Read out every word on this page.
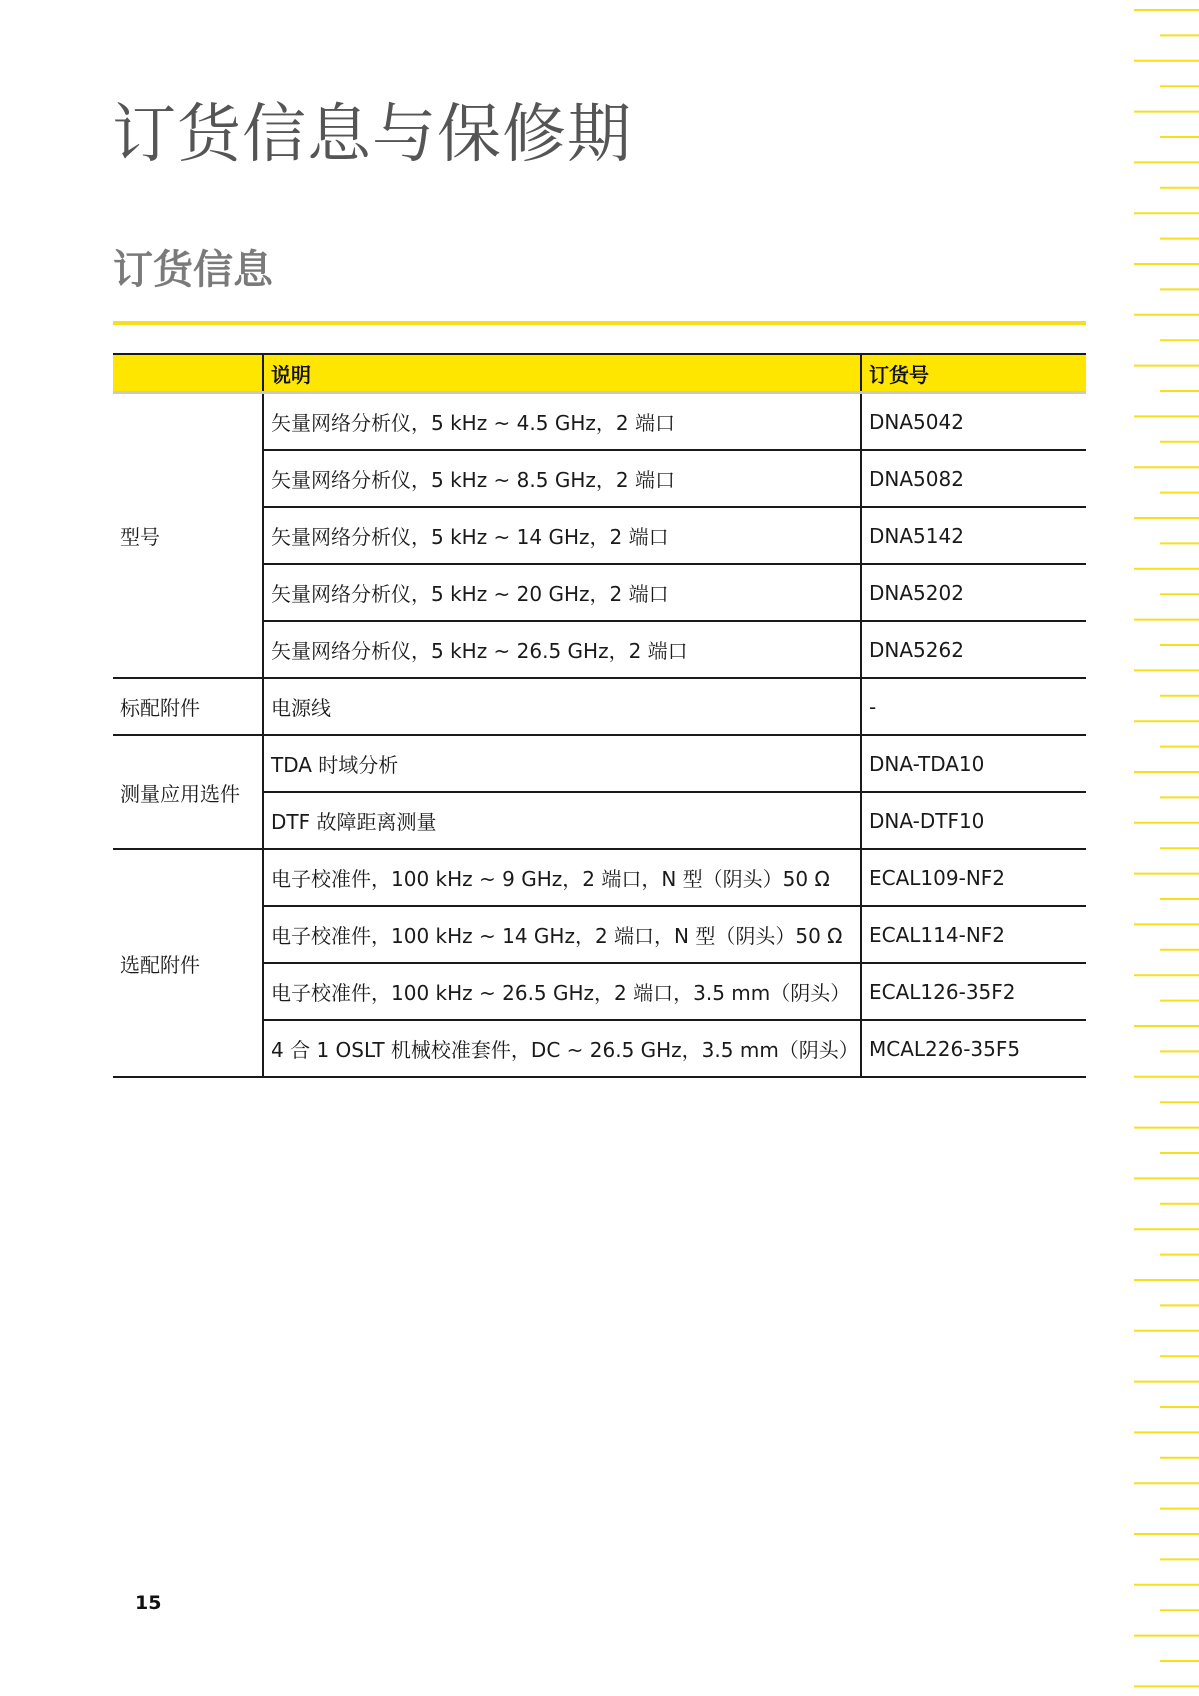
订货信息与保修期
订货信息
	说明	订货号
型号	矢量网络分析仪，5 kHz ~ 4.5 GHz，2 端口	DNA5042
	矢量网络分析仪，5 kHz ~ 8.5 GHz，2 端口	DNA5082
	矢量网络分析仪，5 kHz ~ 14 GHz，2 端口	DNA5142
	矢量网络分析仪，5 kHz ~ 20 GHz，2 端口	DNA5202
	矢量网络分析仪，5 kHz ~ 26.5 GHz，2 端口	DNA5262
标配附件	电源线	-
测量应用选件	TDA 时域分析	DNA-TDA10
	DTF 故障距离测量	DNA-DTF10
选配附件	电子校准件，100 kHz ~ 9 GHz，2 端口，N 型（阴头）50 Ω	ECAL109-NF2
	电子校准件，100 kHz ~ 14 GHz，2 端口，N 型（阴头）50 Ω	ECAL114-NF2
	电子校准件，100 kHz ~ 26.5 GHz，2 端口，3.5 mm（阴头）	ECAL126-35F2
	4 合 1 OSLT 机械校准套件，DC ~ 26.5 GHz，3.5 mm（阴头）	MCAL226-35F5
15
